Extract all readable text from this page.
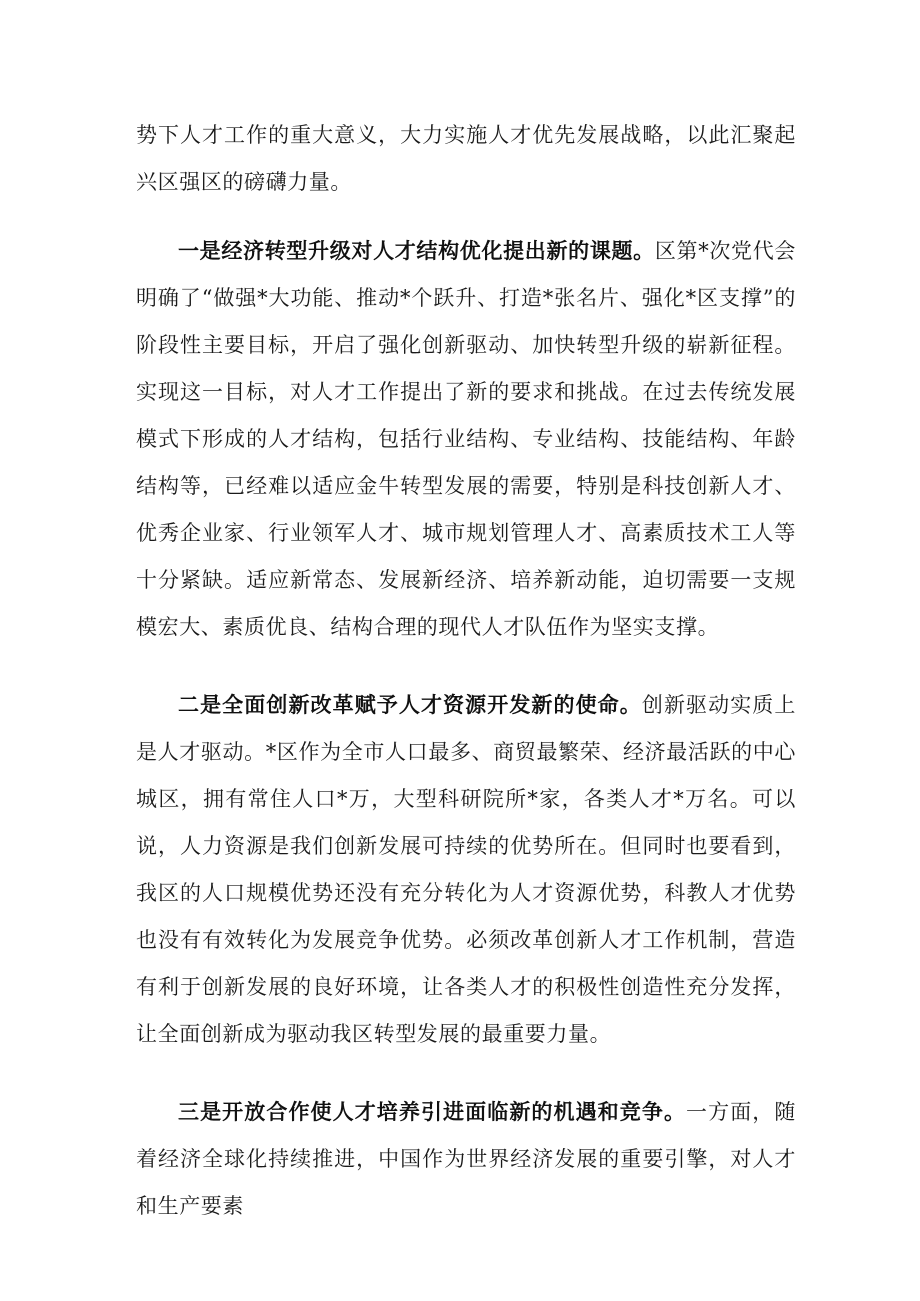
势下人才工作的重大意义，大力实施人才优先发展战略，以此汇聚起兴区强区的磅礴力量。

一是经济转型升级对人才结构优化提出新的课题。区第*次党代会明确了“做强*大功能、推动*个跃升、打造*张名片、强化*区支撑”的阶段性主要目标，开启了强化创新驱动、加快转型升级的崭新征程。实现这一目标，对人才工作提出了新的要求和挑战。在过去传统发展模式下形成的人才结构，包括行业结构、专业结构、技能结构、年龄结构等，已经难以适应金牛转型发展的需要，特别是科技创新人才、优秀企业家、行业领军人才、城市规划管理人才、高素质技术工人等十分紧缺。适应新常态、发展新经济、培养新动能，迫切需要一支规模宏大、素质优良、结构合理的现代人才队伍作为坚实支撑。

二是全面创新改革赋予人才资源开发新的使命。创新驱动实质上是人才驱动。*区作为全市人口最多、商贸最繁荣、经济最活跃的中心城区，拥有常住人口*万，大型科研院所*家，各类人才*万名。可以说，人力资源是我们创新发展可持续的优势所在。但同时也要看到，我区的人口规模优势还没有充分转化为人才资源优势，科教人才优势也没有有效转化为发展竞争优势。必须改革创新人才工作机制，营造有利于创新发展的良好环境，让各类人才的积极性创造性充分发挥，让全面创新成为驱动我区转型发展的最重要力量。

三是开放合作使人才培养引进面临新的机遇和竞争。一方面，随着经济全球化持续推进，中国作为世界经济发展的重要引擎，对人才和生产要素
